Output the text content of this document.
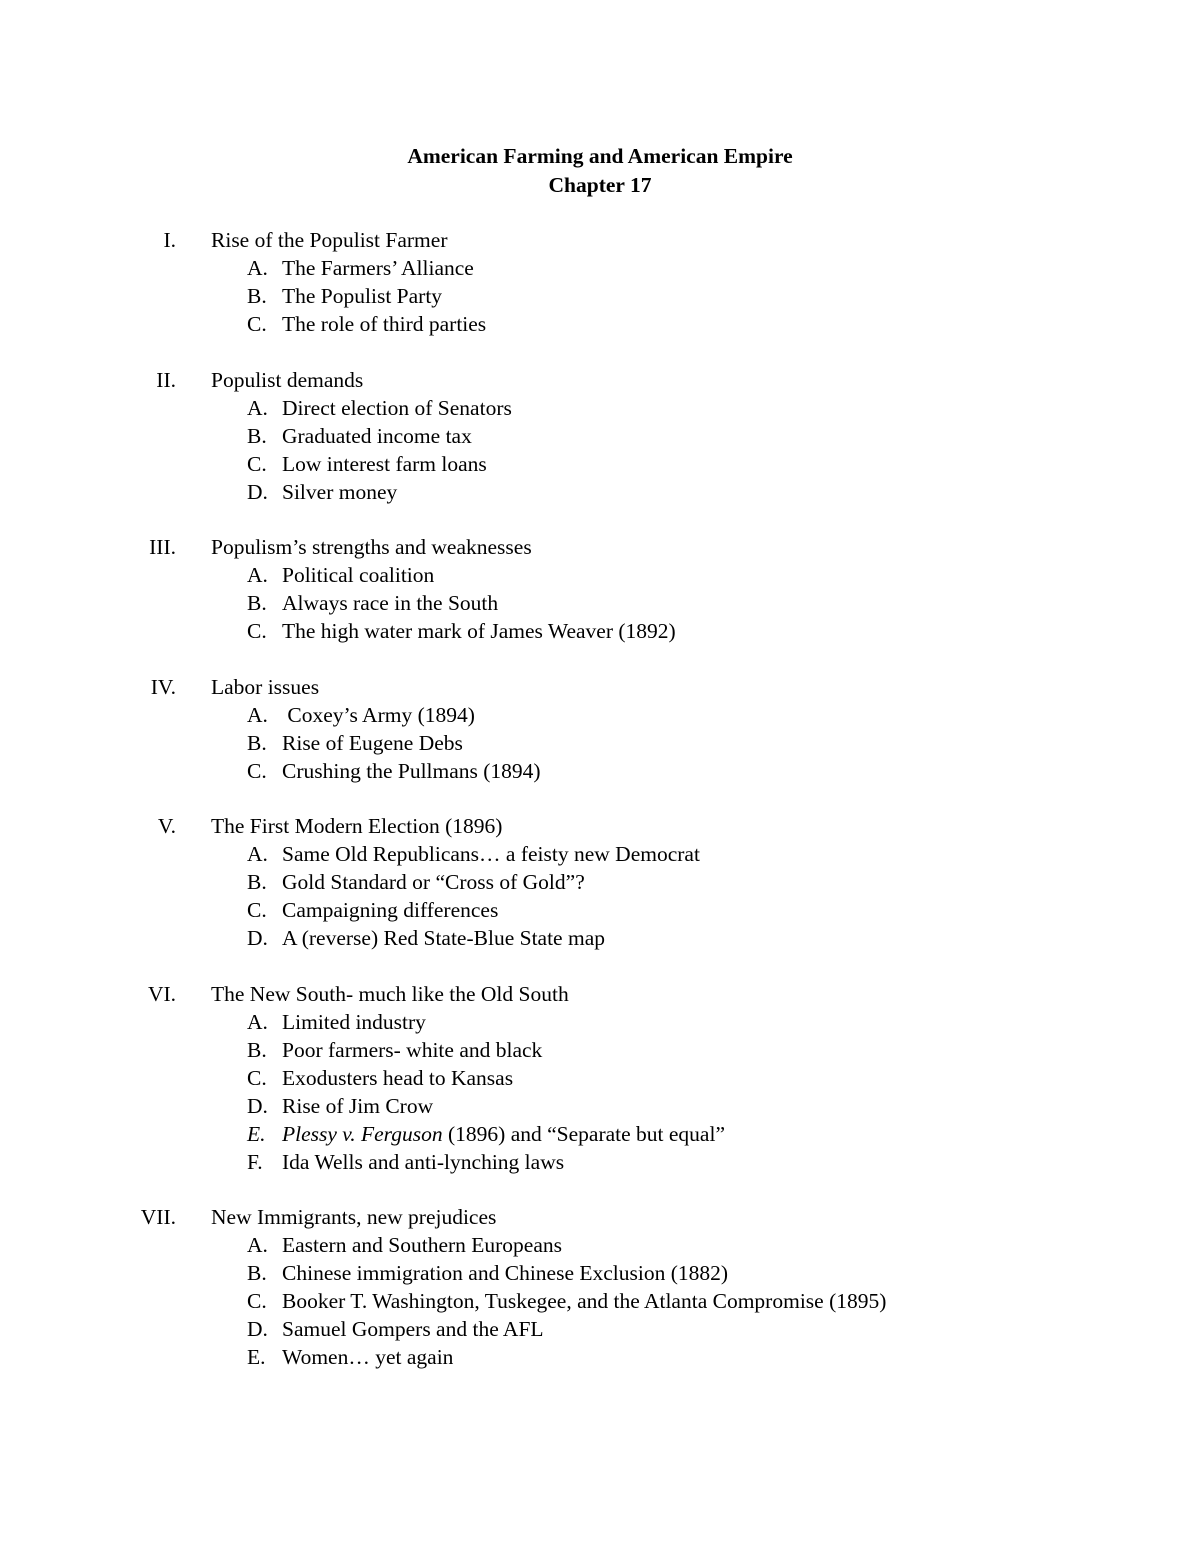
American Farming and American Empire
Chapter 17
I. Rise of the Populist Farmer
A. The Farmers’ Alliance
B. The Populist Party
C. The role of third parties
II. Populist demands
A. Direct election of Senators
B. Graduated income tax
C. Low interest farm loans
D. Silver money
III. Populism’s strengths and weaknesses
A. Political coalition
B. Always race in the South
C. The high water mark of James Weaver (1892)
IV. Labor issues
A. Coxey’s Army (1894)
B. Rise of Eugene Debs
C. Crushing the Pullmans (1894)
V. The First Modern Election (1896)
A. Same Old Republicans… a feisty new Democrat
B. Gold Standard or “Cross of Gold”?
C. Campaigning differences
D. A (reverse) Red State-Blue State map
VI. The New South- much like the Old South
A. Limited industry
B. Poor farmers- white and black
C. Exodusters head to Kansas
D. Rise of Jim Crow
E. Plessy v. Ferguson (1896) and “Separate but equal”
F. Ida Wells and anti-lynching laws
VII. New Immigrants, new prejudices
A. Eastern and Southern Europeans
B. Chinese immigration and Chinese Exclusion (1882)
C. Booker T. Washington, Tuskegee, and the Atlanta Compromise (1895)
D. Samuel Gompers and the AFL
E. Women… yet again
